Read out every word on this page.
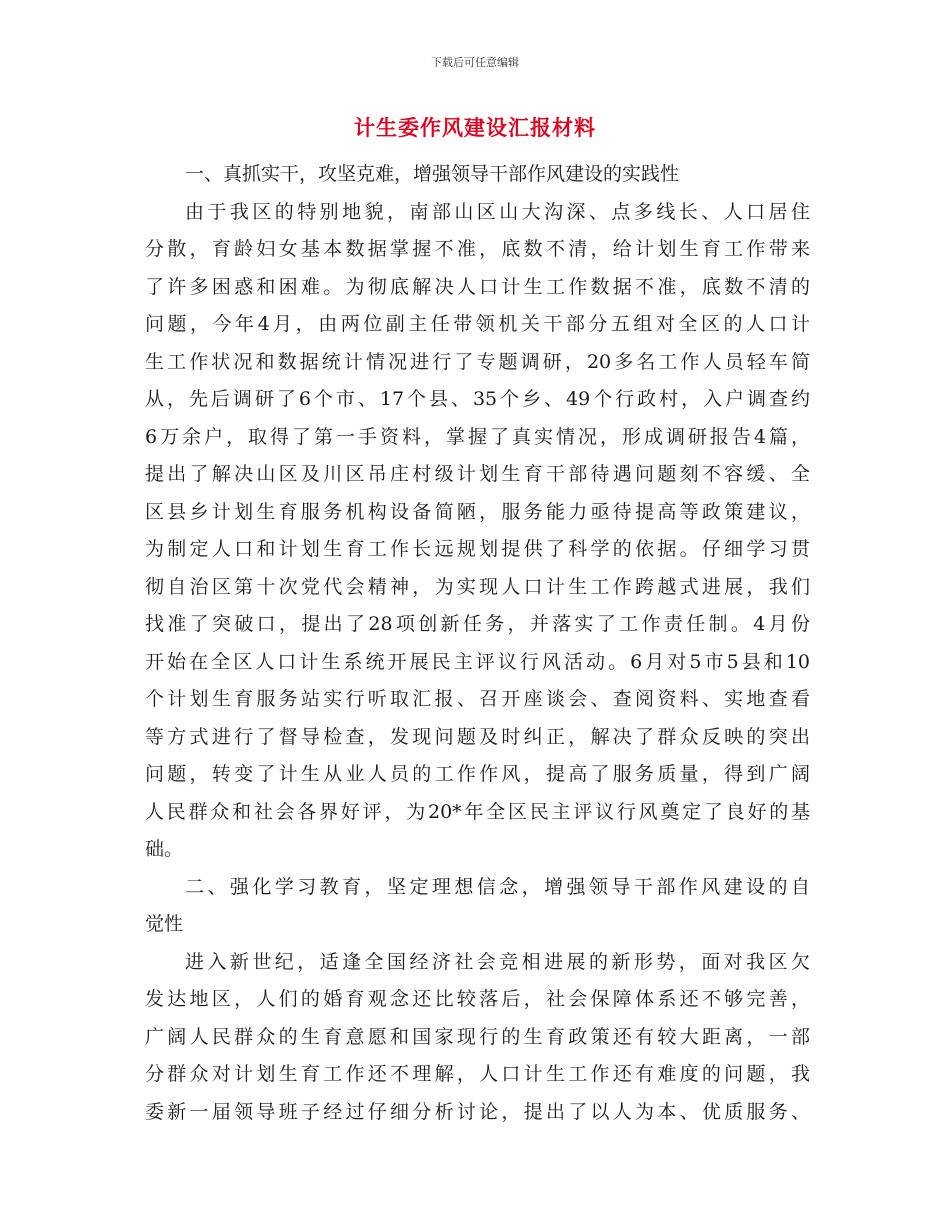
下载后可任意编辑
计生委作风建设汇报材料
一、真抓实干，攻坚克难，增强领导干部作风建设的实践性
由于我区的特别地貌，南部山区山大沟深、点多线长、人口居住
分散，育龄妇女基本数据掌握不准，底数不清，给计划生育工作带来
了许多困惑和困难。为彻底解决人口计生工作数据不准，底数不清的
问题，今年4月，由两位副主任带领机关干部分五组对全区的人口计
生工作状况和数据统计情况进行了专题调研，20多名工作人员轻车简
从，先后调研了6个市、17个县、35个乡、49个行政村，入户调查约
6万余户，取得了第一手资料，掌握了真实情况，形成调研报告4篇，
提出了解决山区及川区吊庄村级计划生育干部待遇问题刻不容缓、全
区县乡计划生育服务机构设备简陋，服务能力亟待提高等政策建议，
为制定人口和计划生育工作长远规划提供了科学的依据。仔细学习贯
彻自治区第十次党代会精神，为实现人口计生工作跨越式进展，我们
找准了突破口，提出了28项创新任务，并落实了工作责任制。4月份
开始在全区人口计生系统开展民主评议行风活动。6月对5市5县和10
个计划生育服务站实行听取汇报、召开座谈会、查阅资料、实地查看
等方式进行了督导检查，发现问题及时纠正，解决了群众反映的突出
问题，转变了计生从业人员的工作作风，提高了服务质量，得到广阔
人民群众和社会各界好评，为20*年全区民主评议行风奠定了良好的基
础。
二、强化学习教育，坚定理想信念，增强领导干部作风建设的自
觉性
进入新世纪，适逢全国经济社会竞相进展的新形势，面对我区欠
发达地区，人们的婚育观念还比较落后，社会保障体系还不够完善，
广阔人民群众的生育意愿和国家现行的生育政策还有较大距离，一部
分群众对计划生育工作还不理解，人口计生工作还有难度的问题，我
委新一届领导班子经过仔细分析讨论，提出了以人为本、优质服务、
